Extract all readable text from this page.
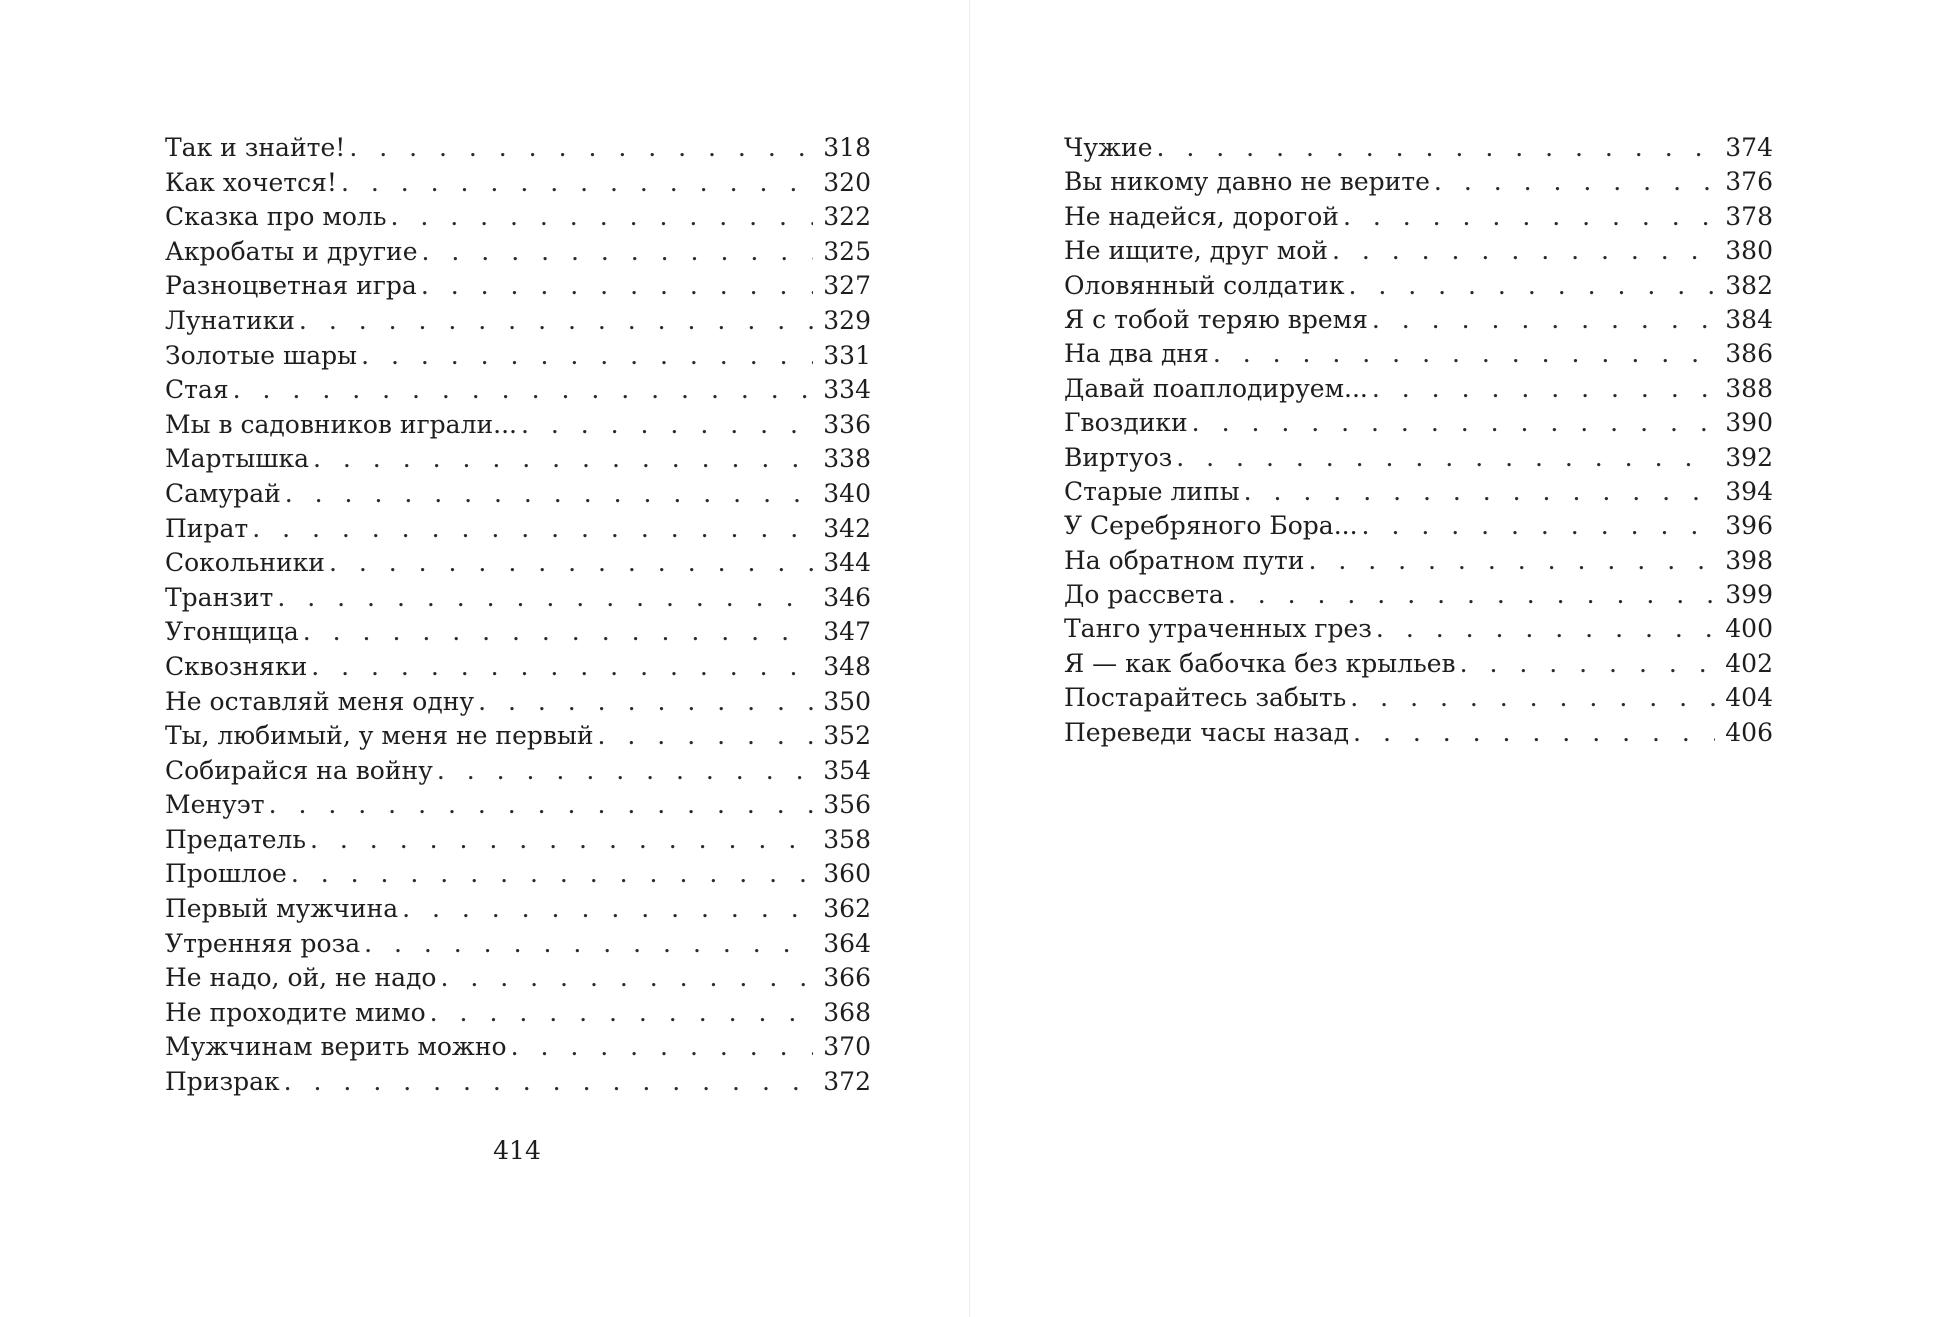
Так и знайте! . . .	318
Как хочется! . . .	320
Сказка про моль . . .	322
Акробаты и другие . . .	325
Разноцветная игра . . .	327
Лунатики . . .	329
Золотые шары . . .	331
Стая . . .	334
Мы в садовников играли... . . .	336
Мартышка . . .	338
Самурай . . .	340
Пират . . .	342
Сокольники . . .	344
Транзит . . .	346
Угонщица . . .	347
Сквозняки . . .	348
Не оставляй меня одну . . .	350
Ты, любимый, у меня не первый . . .	352
Собирайся на войну . . .	354
Менуэт . . .	356
Предатель . . .	358
Прошлое . . .	360
Первый мужчина . . .	362
Утренняя роза . . .	364
Не надо, ой, не надо . . .	366
Не проходите мимо . . .	368
Мужчинам верить можно . . .	370
Призрак . . .	372
414
Чужие . . .	374
Вы никому давно не верите . . .	376
Не надейся, дорогой . . .	378
Не ищите, друг мой . . .	380
Оловянный солдатик . . .	382
Я с тобой теряю время . . .	384
На два дня . . .	386
Давай поаплодируем... . . .	388
Гвоздики . . .	390
Виртуоз . . .	392
Старые липы . . .	394
У Серебряного Бора... . . .	396
На обратном пути . . .	398
До рассвета . . .	399
Танго утраченных грез . . .	400
Я — как бабочка без крыльев . . .	402
Постарайтесь забыть . . .	404
Переведи часы назад . . .	406
